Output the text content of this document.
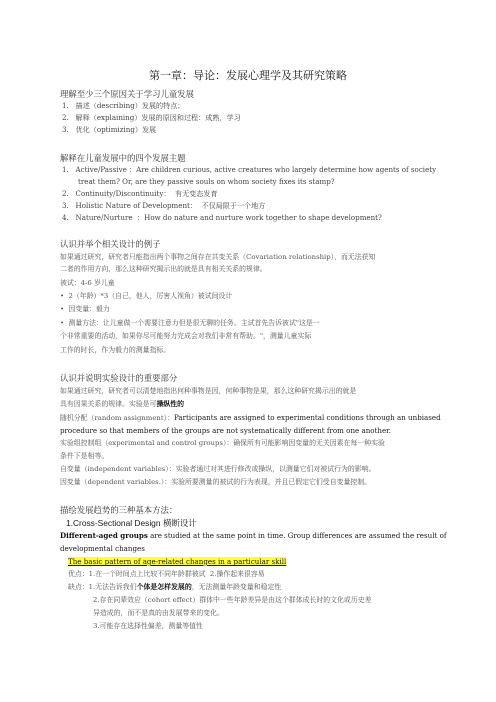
第一章：导论：发展心理学及其研究策略
理解至少三个原因关于学习儿童发展
1.   描述（describing）发展的特点；
2.   解释（explaining）发展的原因和过程：成熟，学习
3.   优化（optimizing）发展
解释在儿童发展中的四个发展主题
1.   Active/Passive ：Are children curious, active creatures who largely determine how agents of society
treat them? Or, are they passive souls on whom society fixes its stamp?
2.   Continuity/Discontinuity：  有无变态发育
3.   Holistic Nature of Development：  不仅局限于一个地方
4.   Nature/Nurture  ：How do nature and nurture work together to shape development?
认识并举个相关设计的例子
如果通过研究，研究者只能指出两个事物之间存在共变关系（Covariation relationship），而无法获知
二者的作用方向，那么这种研究揭示出的就是具有相关关系的规律。
被试：4-6 岁儿童
•  2（年龄）*3（自己，他人，厉害人视角）被试间设计
•  因变量：毅力
•  测量方法：让儿童做一个需要注意力但是很无聊的任务。主试首先告诉被试"这是一
个非常重要的活动，如果你尽可能努力完成会对我们非常有帮助。"，测量儿童实际
工作的时长，作为毅力的测量指标。
认识并说明实验设计的重要部分
如果通过研究，研究者可以清楚地指出何种事物是因，何种事物是果，那么这种研究揭示出的就是
具有因果关系的规律。实验是可操纵性的
随机分配（random assignment）：Participants are assigned to experimental conditions through an unbiased
procedure so that members of the groups are not systematically different from one another.
实验组控制组（experimental and control groups）：确保所有可能影响因变量的无关因素在每一种实验
条件下是相等。
自变量（independent variables）：实验者通过对其进行修改或操纵，以测量它们对被试行为的影响。
因变量（dependent variables.）：实验所要测量的被试的行为表现，并且已假定它们受自变量控制。
描绘发展趋势的三种基本方法：
1.Cross-Sectional Design 横断设计
Different-aged groups are studied at the same point in time. Group differences are assumed the result of
developmental changes
The basic pattern of age-related changes in a particular skill
优点：1.在一个时间点上比较不同年龄群被试  2.操作起来很容易
缺点：1.无法告诉我们个体是怎样发展的，无法测量年龄变量和稳定性
2.存在同辈效应（cohort effect）群体中一些年龄差异是由这个群体成长时的文化或历史差
异造成的，而不是真的由发展带来的变化。
3.可能存在选择性偏差，测量等值性
